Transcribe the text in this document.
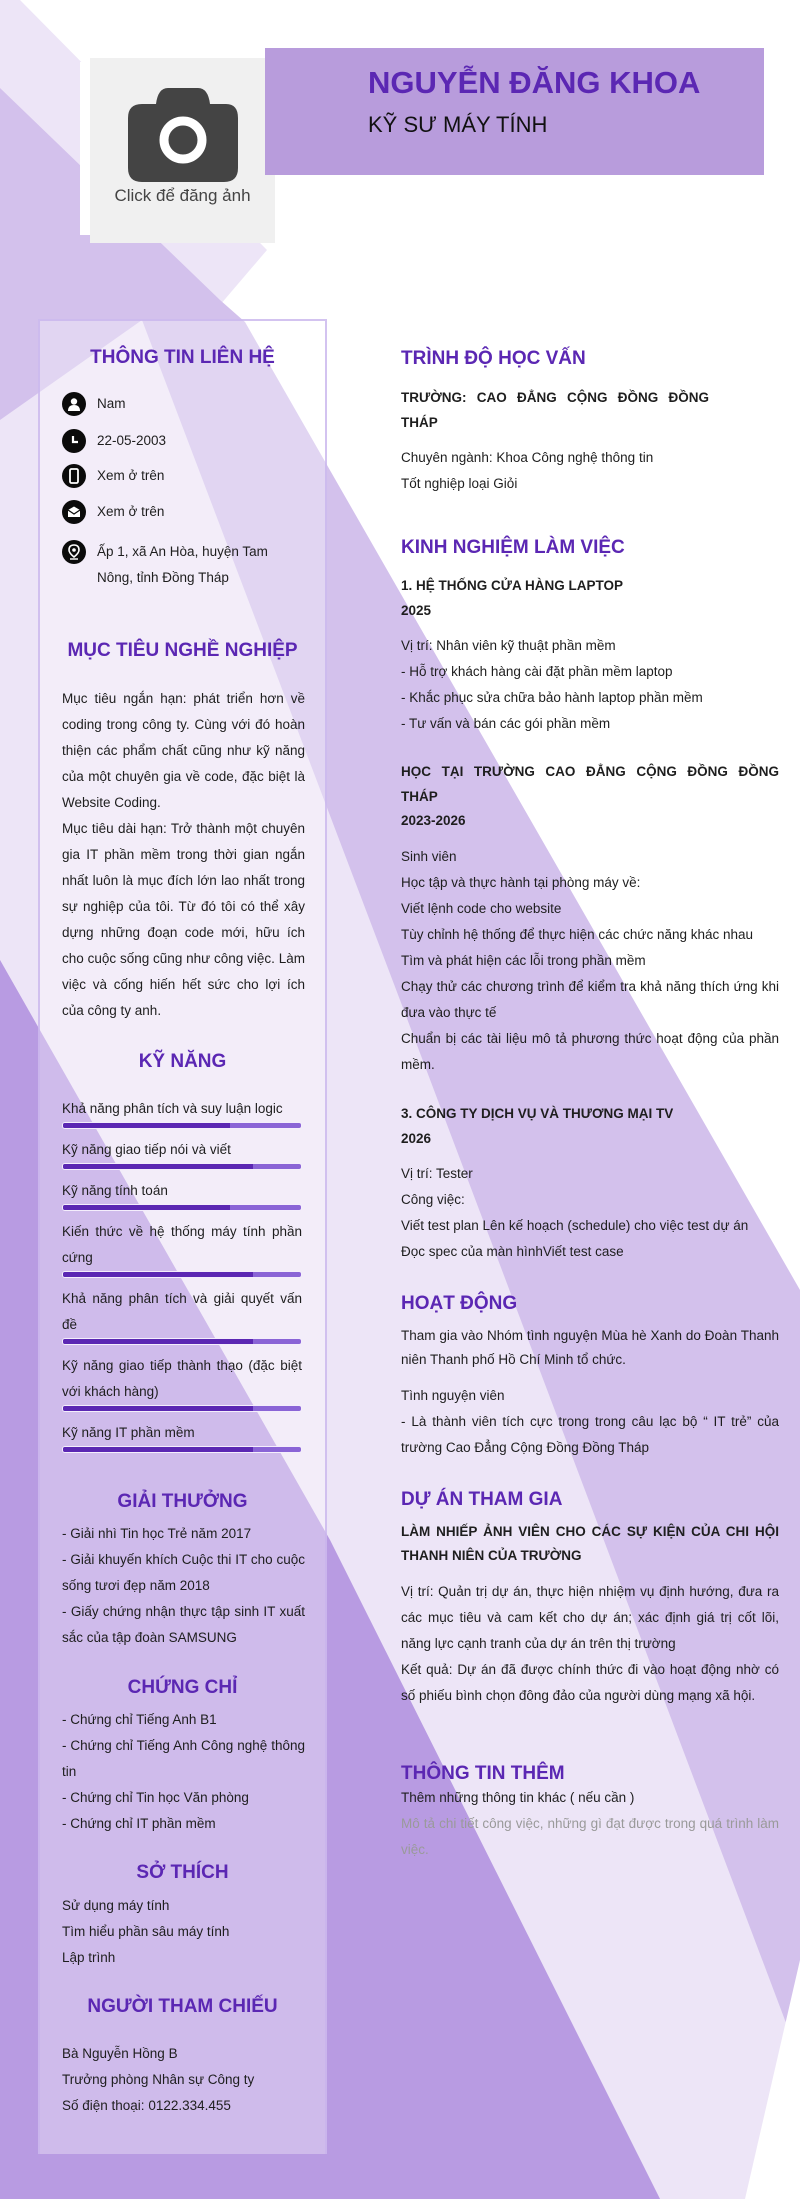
Click để đăng ảnh
NGUYỄN ĐĂNG KHOA
KỸ SƯ MÁY TÍNH
THÔNG TIN LIÊN HỆ
Nam
22-05-2003
Xem ở trên
Xem ở trên
Ấp 1, xã An Hòa, huyện Tam Nông, tỉnh Đồng Tháp
MỤC TIÊU NGHỀ NGHIỆP
Mục tiêu ngắn hạn: phát triển hơn về coding trong công ty. Cùng với đó hoàn thiện các phẩm chất cũng như kỹ năng của một chuyên gia về code, đặc biệt là Website Coding.
Mục tiêu dài hạn: Trở thành một chuyên gia IT phần mềm trong thời gian ngắn nhất luôn là mục đích lớn lao nhất trong sự nghiệp của tôi. Từ đó tôi có thể xây dựng những đoạn code mới, hữu ích cho cuộc sống cũng như công việc. Làm việc và cống hiến hết sức cho lợi ích của công ty anh.
KỸ NĂNG
Khả năng phân tích và suy luận logic
Kỹ năng giao tiếp nói và viết
Kỹ năng tính toán
Kiến thức về hệ thống máy tính phần cứng
Khả năng phân tích và giải quyết vấn đề
Kỹ năng giao tiếp thành thạo (đặc biệt với khách hàng)
Kỹ năng IT phần mềm
GIẢI THƯỞNG
- Giải nhì Tin học Trẻ năm 2017
- Giải khuyến khích Cuộc thi IT cho cuộc sống tươi đẹp năm 2018
- Giấy chứng nhận thực tập sinh IT xuất sắc của tập đoàn SAMSUNG
CHỨNG CHỈ
- Chứng chỉ Tiếng Anh B1
- Chứng chỉ Tiếng Anh Công nghệ thông tin
- Chứng chỉ Tin học Văn phòng
- Chứng chỉ IT phần mềm
SỞ THÍCH
Sử dụng máy tính
Tìm hiểu phần sâu máy tính
Lập trình
NGƯỜI THAM CHIẾU
Bà Nguyễn Hồng B
Trưởng phòng Nhân sự Công ty
Số điện thoại: 0122.334.455
TRÌNH ĐỘ HỌC VẤN
TRƯỜNG: CAO ĐẲNG CỘNG ĐỒNG ĐỒNG THÁP
Chuyên ngành: Khoa Công nghệ thông tin
Tốt nghiệp loại Giỏi
KINH NGHIỆM LÀM VIỆC
1. HỆ THỐNG CỬA HÀNG LAPTOP
2025
Vị trí: Nhân viên kỹ thuật phần mềm
- Hỗ trợ khách hàng cài đặt phần mềm laptop
- Khắc phục sửa chữa bảo hành laptop phần mềm
- Tư vấn và bán các gói phần mềm
HỌC TẠI TRƯỜNG CAO ĐẲNG CỘNG ĐỒNG ĐỒNG THÁP
2023-2026
Sinh viên
Học tập và thực hành tại phòng máy về:
Viết lệnh code cho website
Tùy chỉnh hệ thống để thực hiện các chức năng khác nhau
Tìm và phát hiện các lỗi trong phần mềm
Chạy thử các chương trình để kiểm tra khả năng thích ứng khi đưa vào thực tế
Chuẩn bị các tài liệu mô tả phương thức hoạt động của phần mềm.
3. CÔNG TY DỊCH VỤ VÀ THƯƠNG MẠI TV
2026
Vị trí: Tester
Công việc:
Viết test plan Lên kế hoạch (schedule) cho việc test dự án
Đọc spec của màn hìnhViết test case
HOẠT ĐỘNG
Tham gia vào Nhóm tình nguyện Mùa hè Xanh do Đoàn Thanh niên Thanh phố Hồ Chí Minh tổ chức.
Tình nguyện viên
- Là thành viên tích cực trong trong câu lạc bộ “ IT trẻ” của trường Cao Đẳng Cộng Đồng Đồng Tháp
DỰ ÁN THAM GIA
LÀM NHIẾP ẢNH VIÊN CHO CÁC SỰ KIỆN CỦA CHI HỘI THANH NIÊN CỦA TRƯỜNG
Vị trí: Quản trị dự án, thực hiện nhiệm vụ định hướng, đưa ra các mục tiêu và cam kết cho dự án; xác định giá trị cốt lõi, năng lực cạnh tranh của dự án trên thị trường
Kết quả: Dự án đã được chính thức đi vào hoạt động nhờ có số phiếu bình chọn đông đảo của người dùng mạng xã hội.
THÔNG TIN THÊM
Thêm những thông tin khác ( nếu cần )
Mô tả chi tiết công việc, những gì đạt được trong quá trình làm việc.
